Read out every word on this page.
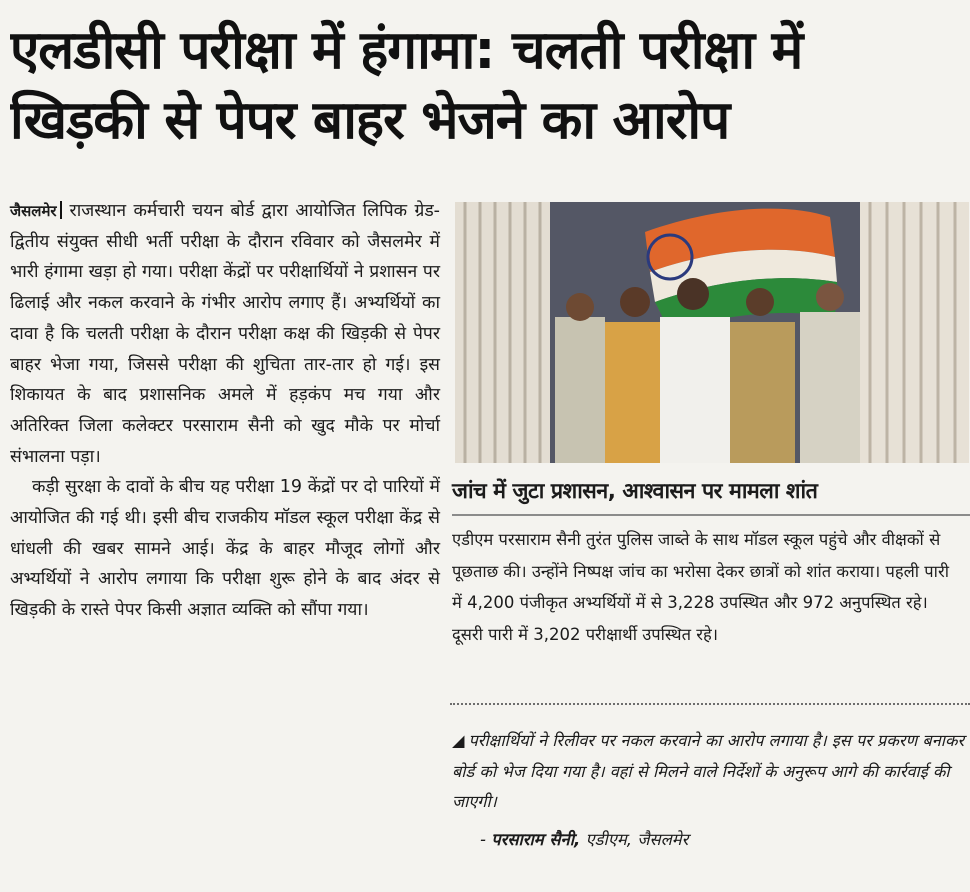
एलडीसी परीक्षा में हंगामा: चलती परीक्षा में
खिड़की से पेपर बाहर भेजने का आरोप

जैसलमेर राजस्थान कर्मचारी चयन बोर्ड द्वारा आयोजित लिपिक ग्रेड-द्वितीय संयुक्त सीधी भर्ती परीक्षा के दौरान रविवार को जैसलमेर में भारी हंगामा खड़ा हो गया। परीक्षा केंद्रों पर परीक्षार्थियों ने प्रशासन पर ढिलाई और नकल करवाने के गंभीर आरोप लगाए हैं। अभ्यर्थियों का दावा है कि चलती परीक्षा के दौरान परीक्षा कक्ष की खिड़की से पेपर बाहर भेजा गया, जिससे परीक्षा की शुचिता तार-तार हो गई। इस शिकायत के बाद प्रशासनिक अमले में हड़कंप मच गया और अतिरिक्त जिला कलेक्टर परसाराम सैनी को खुद मौके पर मोर्चा संभालना पड़ा।

कड़ी सुरक्षा के दावों के बीच यह परीक्षा 19 केंद्रों पर दो पारियों में आयोजित की गई थी। इसी बीच राजकीय मॉडल स्कूल परीक्षा केंद्र से धांधली की खबर सामने आई। केंद्र के बाहर मौजूद लोगों और अभ्यर्थियों ने आरोप लगाया कि परीक्षा शुरू होने के बाद अंदर से खिड़की के रास्ते पेपर किसी अज्ञात व्यक्ति को सौंपा गया।

जांच में जुटा प्रशासन, आश्वासन पर मामला शांत
एडीएम परसाराम सैनी तुरंत पुलिस जाब्ते के साथ मॉडल स्कूल पहुंचे और वीक्षकों से पूछताछ की। उन्होंने निष्पक्ष जांच का भरोसा देकर छात्रों को शांत कराया। पहली पारी में 4,200 पंजीकृत अभ्यर्थियों में से 3,228 उपस्थित और 972 अनुपस्थित रहे। दूसरी पारी में 3,202 परीक्षार्थी उपस्थित रहे।
◢ परीक्षार्थियों ने रिलीवर पर नकल करवाने का आरोप लगाया है। इस पर प्रकरण बनाकर बोर्ड को भेज दिया गया है। वहां से मिलने वाले निर्देशों के अनुरूप आगे की कार्रवाई की जाएगी।
- परसाराम सैनी, एडीएम, जैसलमेर
